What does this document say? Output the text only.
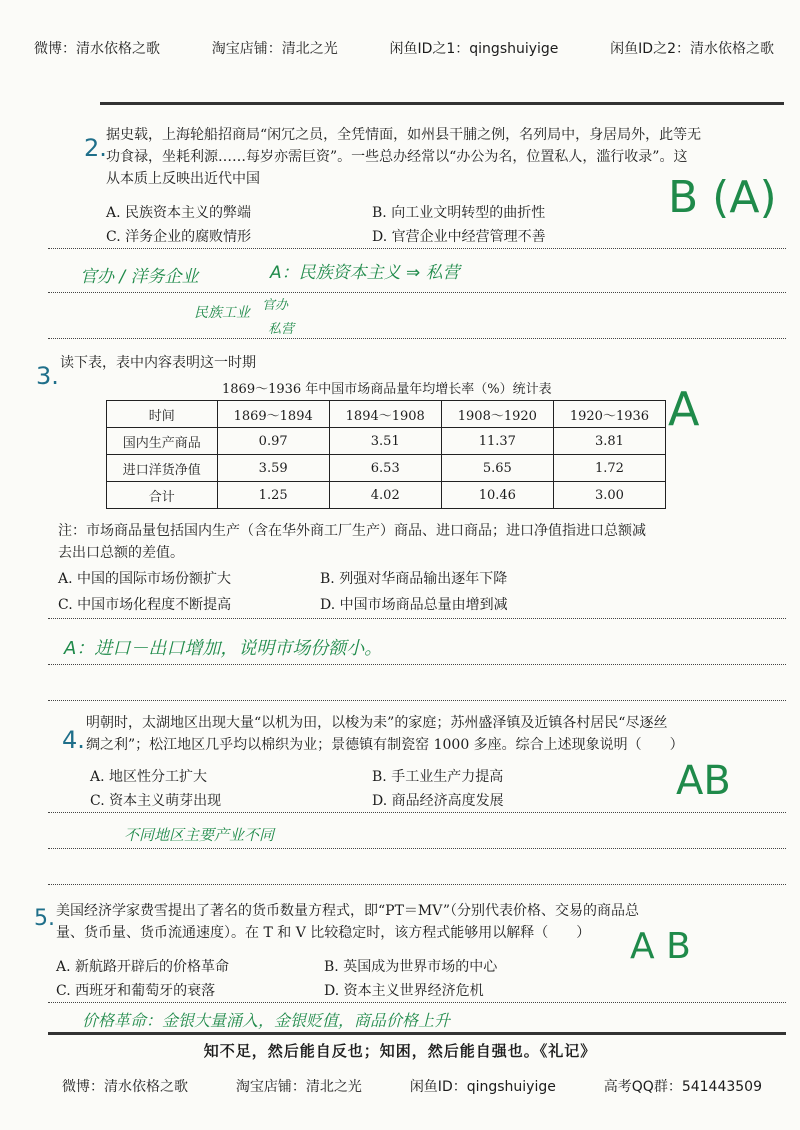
微博：清水依格之歌	淘宝店铺：清北之光	闲鱼ID之1：qingshuiyige	闲鱼ID之2：清水依格之歌
2. 据史载，上海轮船招商局“闲冗之员，全凭情面，如州县干脯之例，名列局中，身居局外，此等无
功食禄，坐耗利源……每岁亦需巨资”。一些总办经常以“办公为名，位置私人，滥行收录”。这
从本质上反映出近代中国
A. 民族资本主义的弊端	B. 向工业文明转型的曲折性
C. 洋务企业的腐败情形	D. 官营企业中经营管理不善
官办 / 洋务企业	A：民族资本主义 ⇒ 私营
民族工业 官办
私营
B (A)
3. 读下表，表中内容表明这一时期
1869～1936 年中国市场商品量年均增长率（%）统计表
时间	1869～1894	1894～1908	1908～1920	1920～1936
国内生产商品	0.97	3.51	11.37	3.81
进口洋货净值	3.59	6.53	5.65	1.72
合计	1.25	4.02	10.46	3.00
A
注：市场商品量包括国内生产（含在华外商工厂生产）商品、进口商品；进口净值指进口总额减
去出口总额的差值。
A. 中国的国际市场份额扩大	B. 列强对华商品输出逐年下降
C. 中国市场化程度不断提高	D. 中国市场商品总量由增到减
A：进口－出口增加，说明市场份额小。
4.
明朝时，太湖地区出现大量“以机为田，以梭为耒”的家庭；苏州盛泽镇及近镇各村居民“尽逐丝
绸之利”；松江地区几乎均以棉织为业；景德镇有制瓷窑 1000 多座。综合上述现象说明（　　）
A. 地区性分工扩大	B. 手工业生产力提高
C. 资本主义萌芽出现	D. 商品经济高度发展	AB
不同地区主要产业不同
5. 美国经济学家费雪提出了著名的货币数量方程式，即“PT＝MV”（分别代表价格、交易的商品总
量、货币量、货币流通速度）。在 T 和 V 比较稳定时，该方程式能够用以解释（　　）
A. 新航路开辟后的价格革命	B. 英国成为世界市场的中心
C. 西班牙和葡萄牙的衰落	D. 资本主义世界经济危机
A B
价格革命：金银大量涌入，金银贬值，商品价格上升
知不足，然后能自反也；知困，然后能自强也。《礼记》
微博：清水依格之歌	淘宝店铺：清北之光	闲鱼ID：qingshuiyige	高考QQ群：541443509
